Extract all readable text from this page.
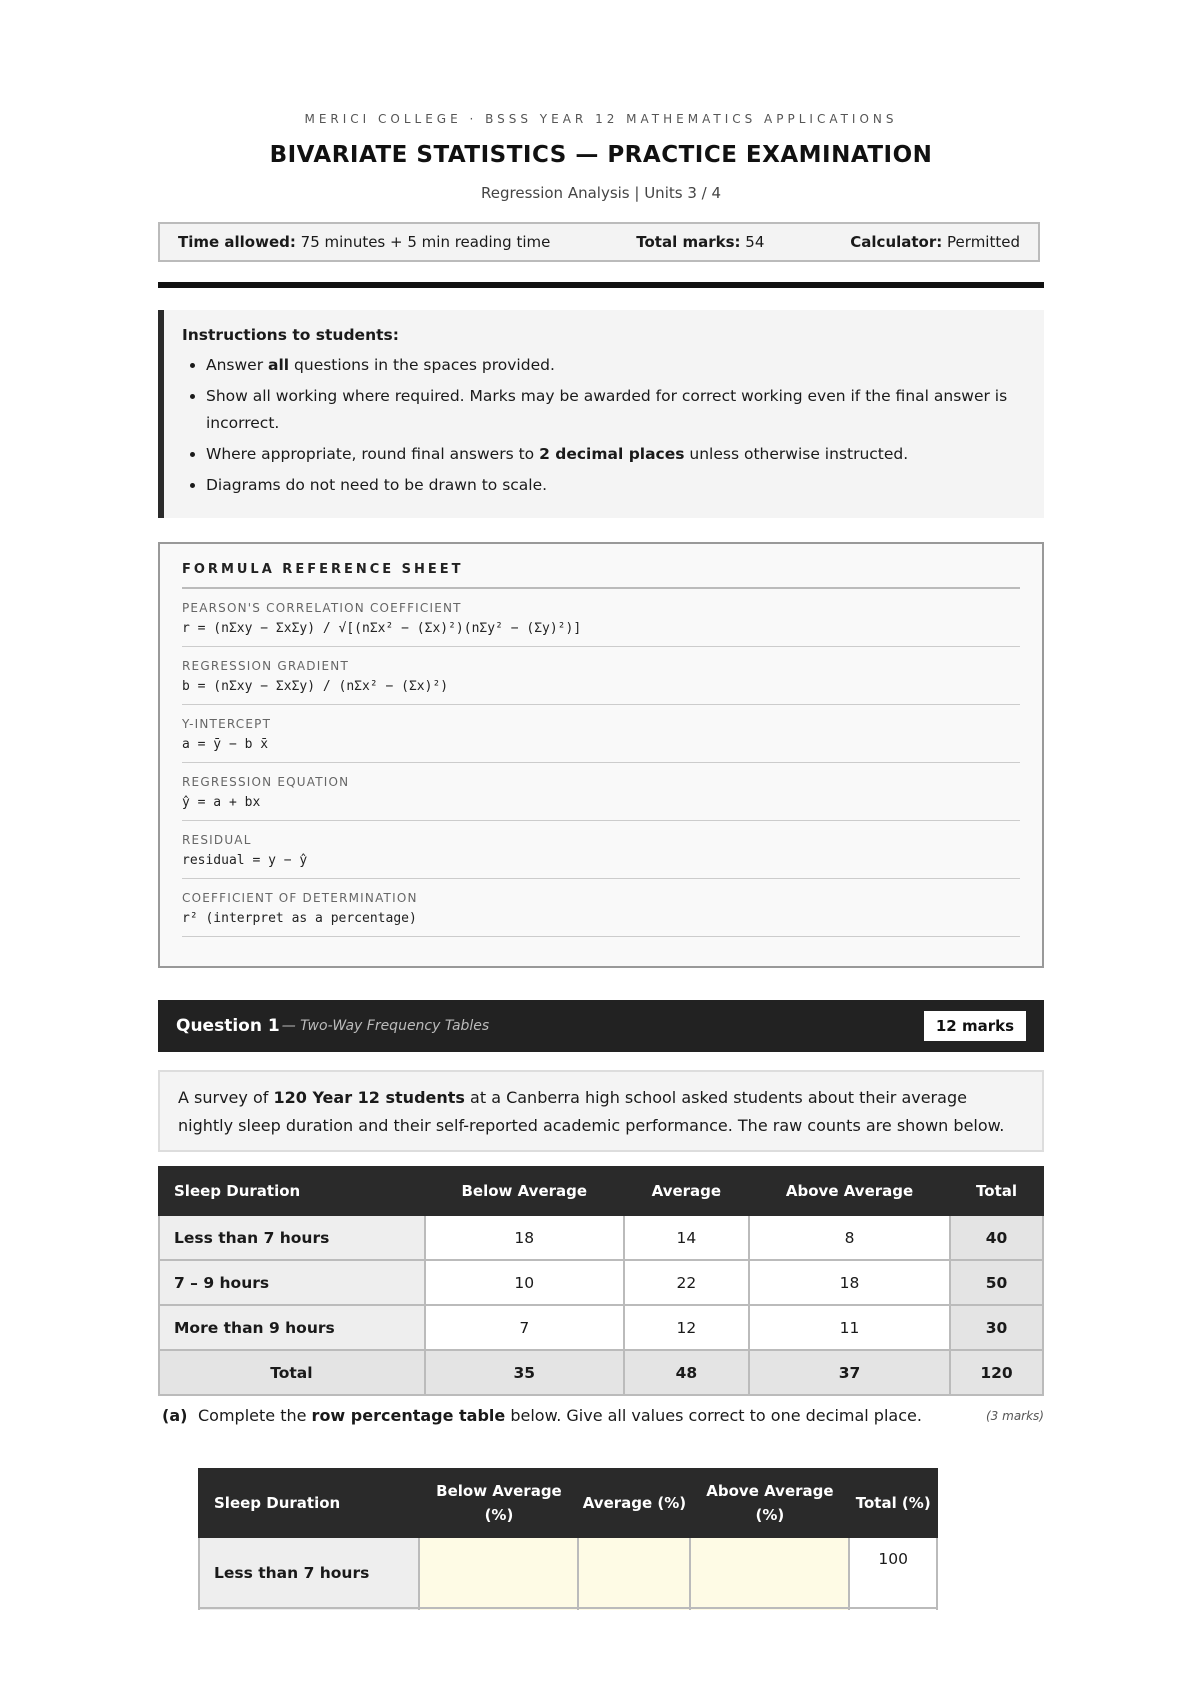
MERICI COLLEGE · BSSS YEAR 12 MATHEMATICS APPLICATIONS
BIVARIATE STATISTICS — PRACTICE EXAMINATION
Regression Analysis | Units 3 / 4
Time allowed: 75 minutes + 5 min reading time	Total marks: 54	Calculator: Permitted
Instructions to students:
• Answer all questions in the spaces provided.
• Show all working where required. Marks may be awarded for correct working even if the final answer is incorrect.
• Where appropriate, round final answers to 2 decimal places unless otherwise instructed.
• Diagrams do not need to be drawn to scale.
FORMULA REFERENCE SHEET
PEARSON'S CORRELATION COEFFICIENT
r = (nΣxy − ΣxΣy) / √[(nΣx² − (Σx)²)(nΣy² − (Σy)²)]
REGRESSION GRADIENT
b = (nΣxy − ΣxΣy) / (nΣx² − (Σx)²)
Y-INTERCEPT
a = ȳ − b x̄
REGRESSION EQUATION
ŷ = a + bx
RESIDUAL
residual = y − ŷ
COEFFICIENT OF DETERMINATION
r² (interpret as a percentage)
Question 1 — Two-Way Frequency Tables	12 marks
A survey of 120 Year 12 students at a Canberra high school asked students about their average nightly sleep duration and their self-reported academic performance. The raw counts are shown below.
Sleep Duration	Below Average	Average	Above Average	Total
Less than 7 hours	18	14	8	40
7 – 9 hours	10	22	18	50
More than 9 hours	7	12	11	30
Total	35	48	37	120
(a) Complete the row percentage table below. Give all values correct to one decimal place.	(3 marks)
Sleep Duration	Below Average (%)	Average (%)	Above Average (%)	Total (%)
Less than 7 hours				100
